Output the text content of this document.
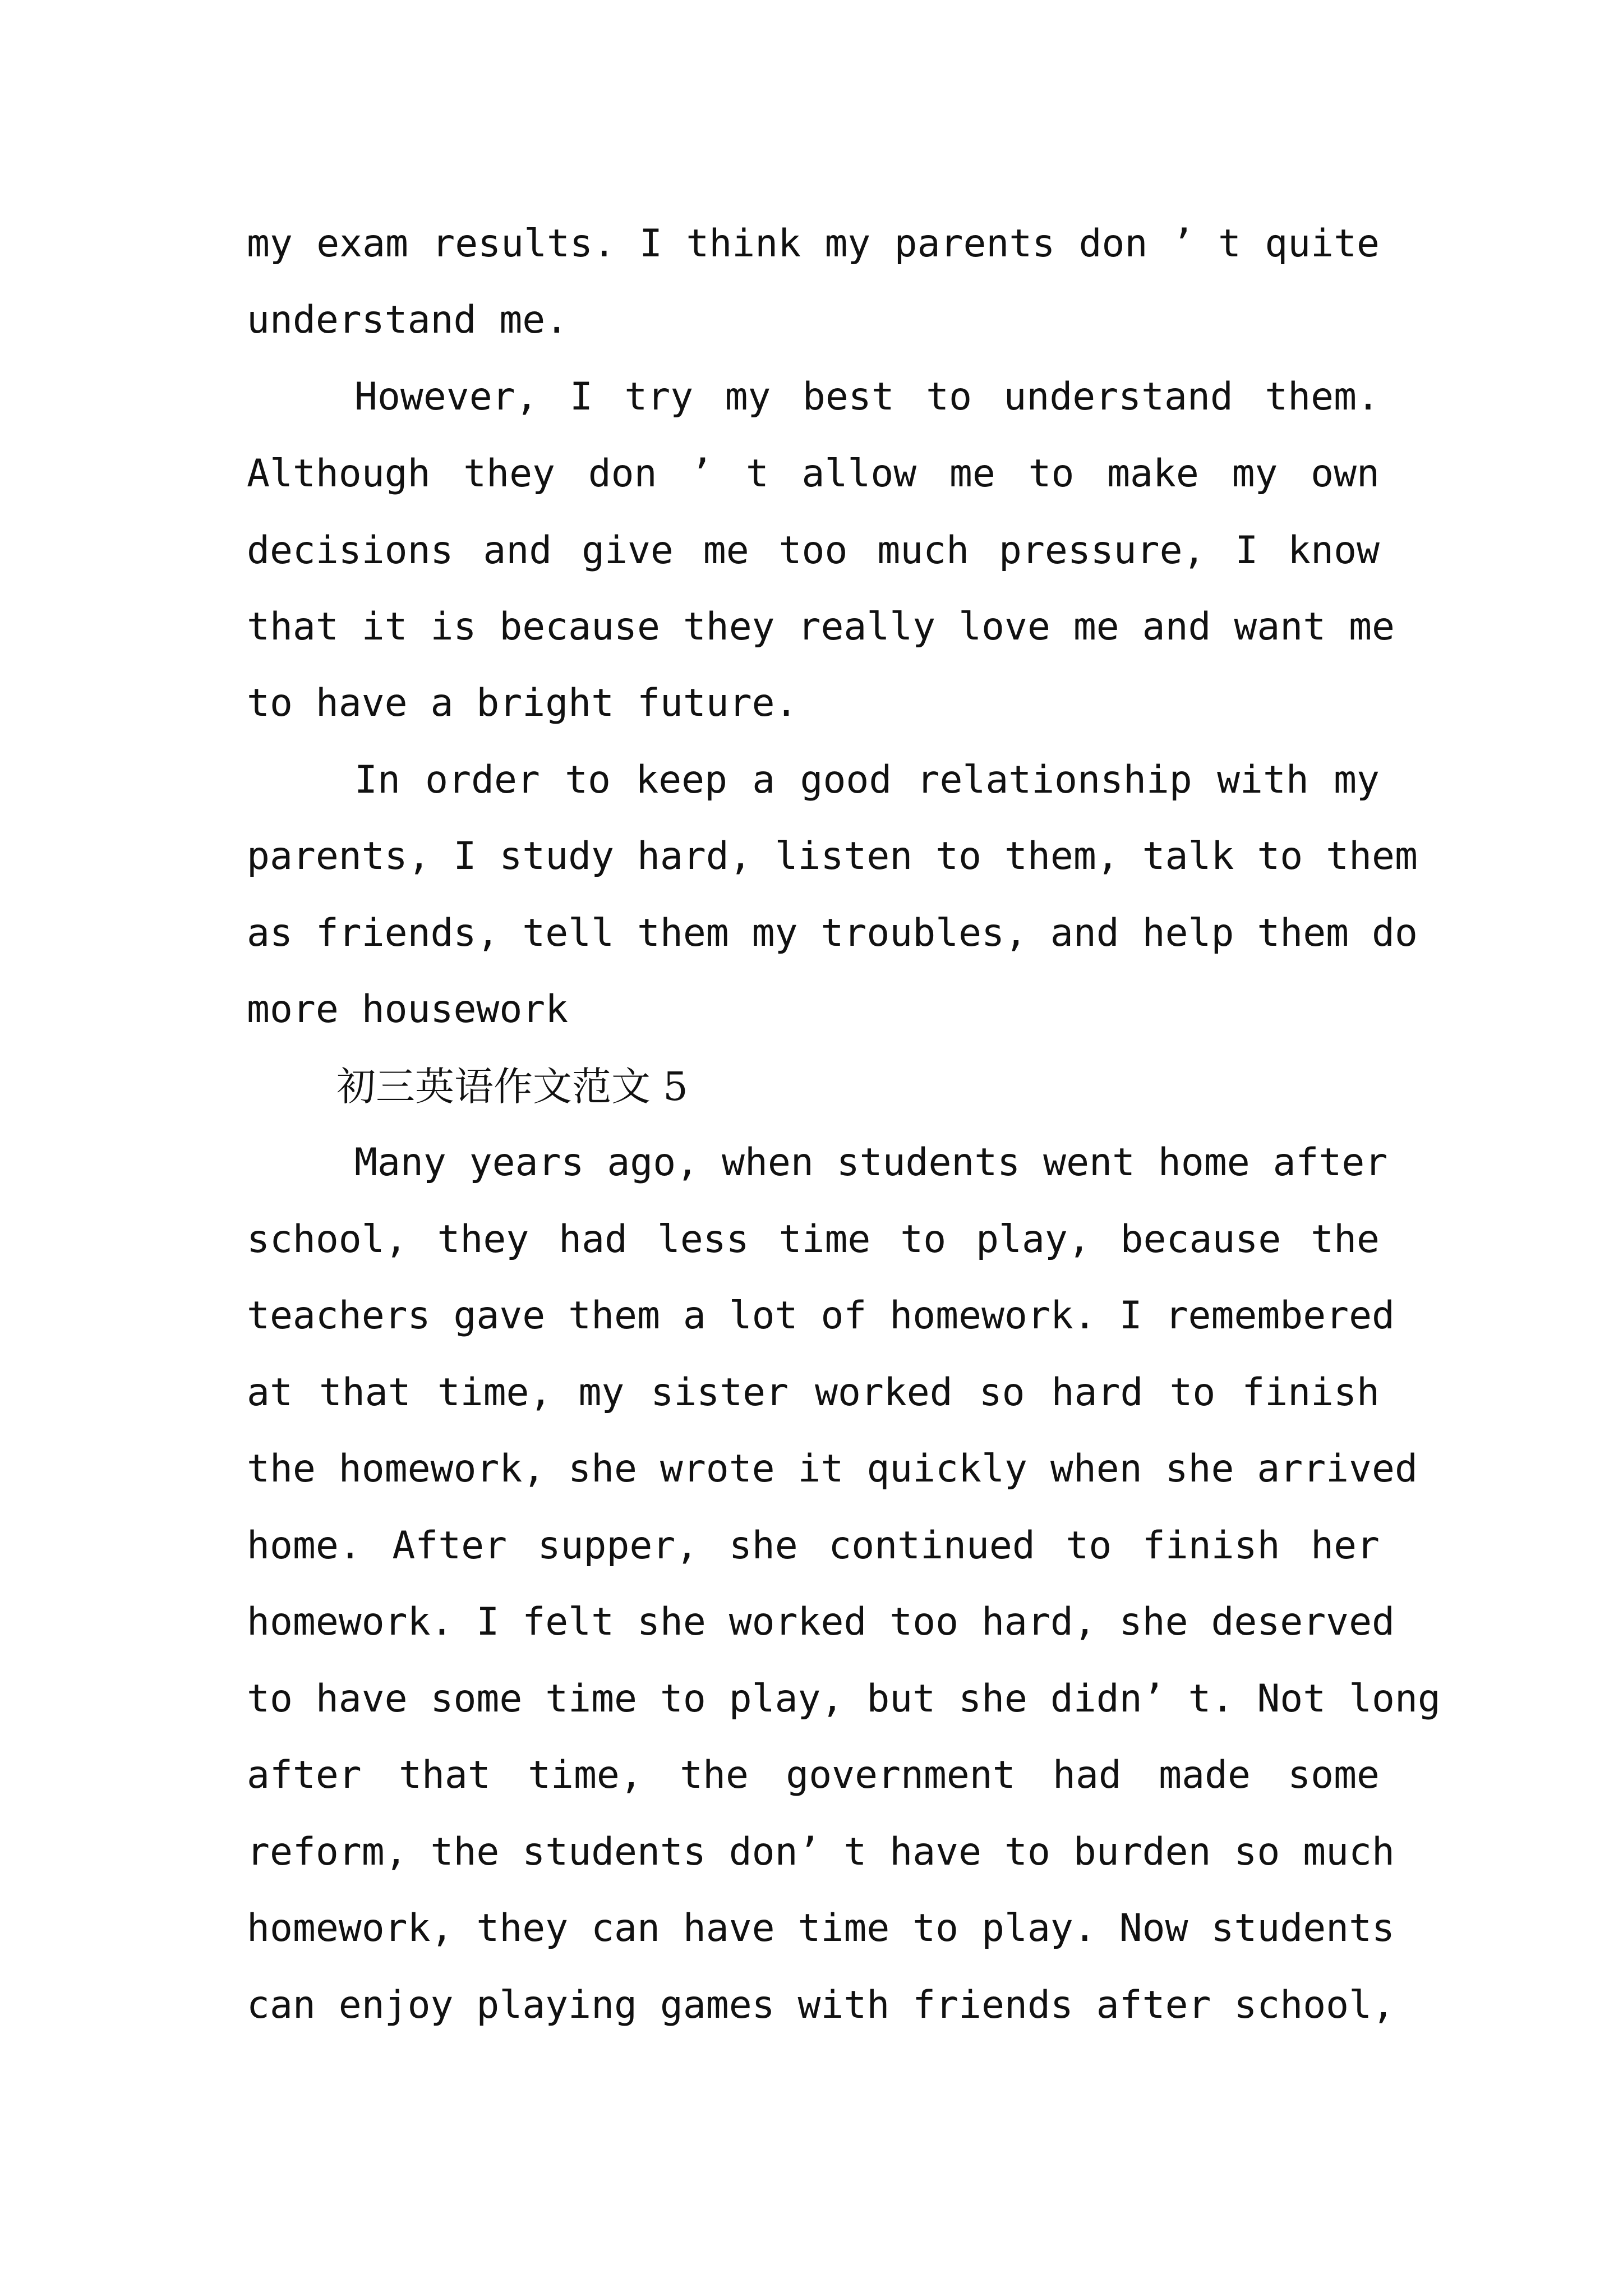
my exam results. I think my parents don ’ t quite
understand me.
However, I try my best to understand them.
Although they don ’ t allow me to make my own
decisions and give me too much pressure, I know
that it is because they really love me and want me
to have a bright future.
In order to keep a good relationship with my
parents, I study hard, listen to them, talk to them
as friends, tell them my troubles, and help them do
more housework
初三英语作文范文 5
Many years ago, when students went home after
school, they had less time to play, because the
teachers gave them a lot of homework. I remembered
at that time, my sister worked so hard to finish
the homework, she wrote it quickly when she arrived
home. After supper, she continued to finish her
homework. I felt she worked too hard, she deserved
to have some time to play, but she didn’ t. Not long
after that time, the government had made some
reform, the students don’ t have to burden so much
homework, they can have time to play. Now students
can enjoy playing games with friends after school,
